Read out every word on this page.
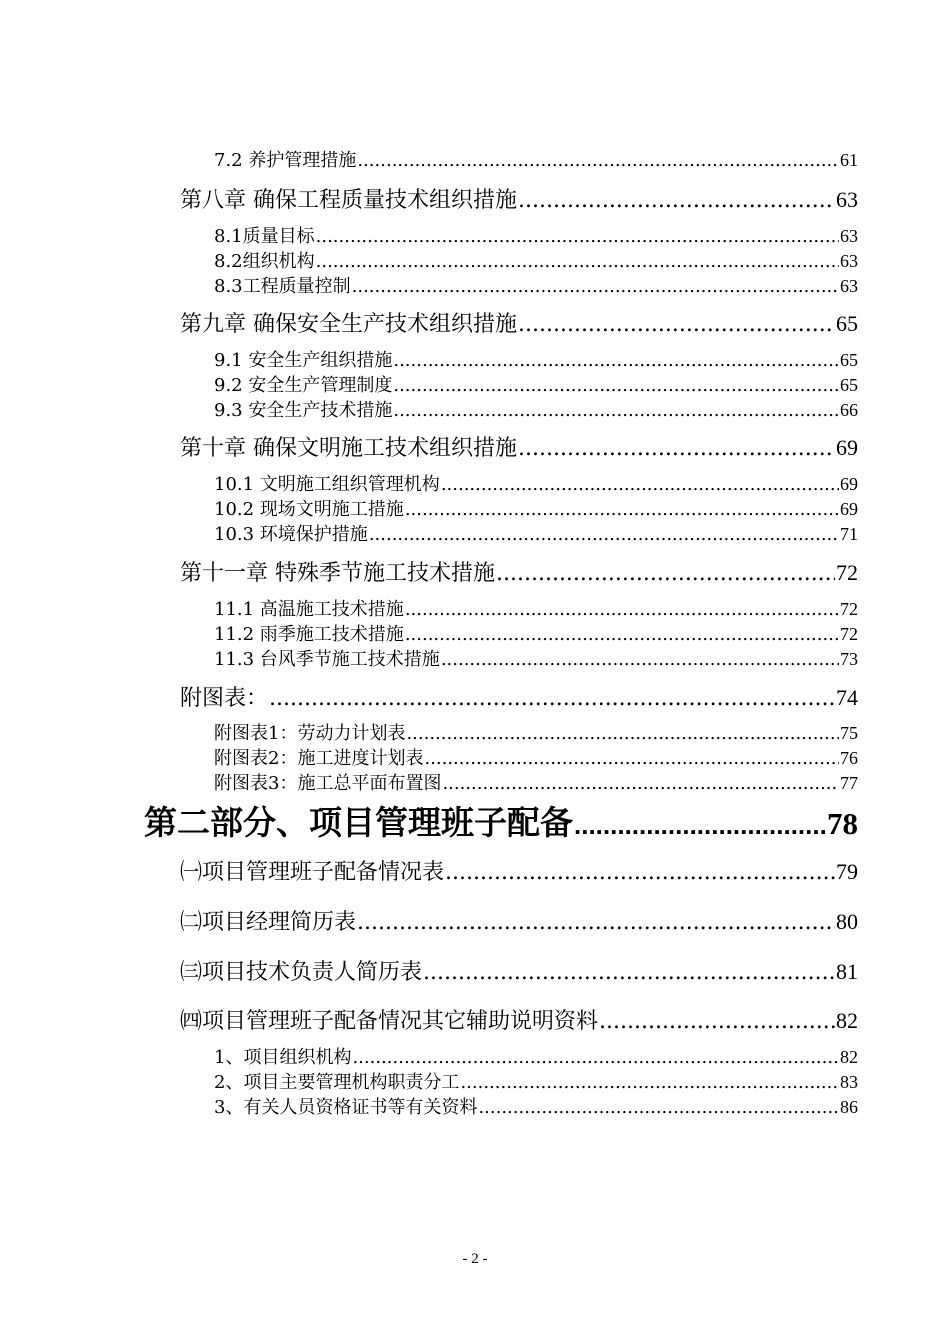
7.2 养护管理措施 .....	61
第八章 确保工程质量技术组织措施 .....	63
8.1质量目标 .....	63
8.2组织机构 .....	63
8.3工程质量控制 .....	63
第九章 确保安全生产技术组织措施 .....	65
9.1 安全生产组织措施 .....	65
9.2 安全生产管理制度 .....	65
9.3 安全生产技术措施 .....	66
第十章 确保文明施工技术组织措施 .....	69
10.1 文明施工组织管理机构 .....	69
10.2 现场文明施工措施 .....	69
10.3 环境保护措施 .....	71
第十一章 特殊季节施工技术措施 .....	72
11.1 高温施工技术措施 .....	72
11.2 雨季施工技术措施 .....	72
11.3 台风季节施工技术措施 .....	73
附图表： .....	74
附图表1：劳动力计划表 .....	75
附图表2：施工进度计划表 .....	76
附图表3：施工总平面布置图 .....	77
第二部分、项目管理班子配备 .....	78
㈠项目管理班子配备情况表 .....	79
㈡项目经理简历表 .....	80
㈢项目技术负责人简历表 .....	81
㈣项目管理班子配备情况其它辅助说明资料 .....	82
1、项目组织机构 .....	82
2、项目主要管理机构职责分工 .....	83
3、有关人员资格证书等有关资料 .....	86
- 2 -
